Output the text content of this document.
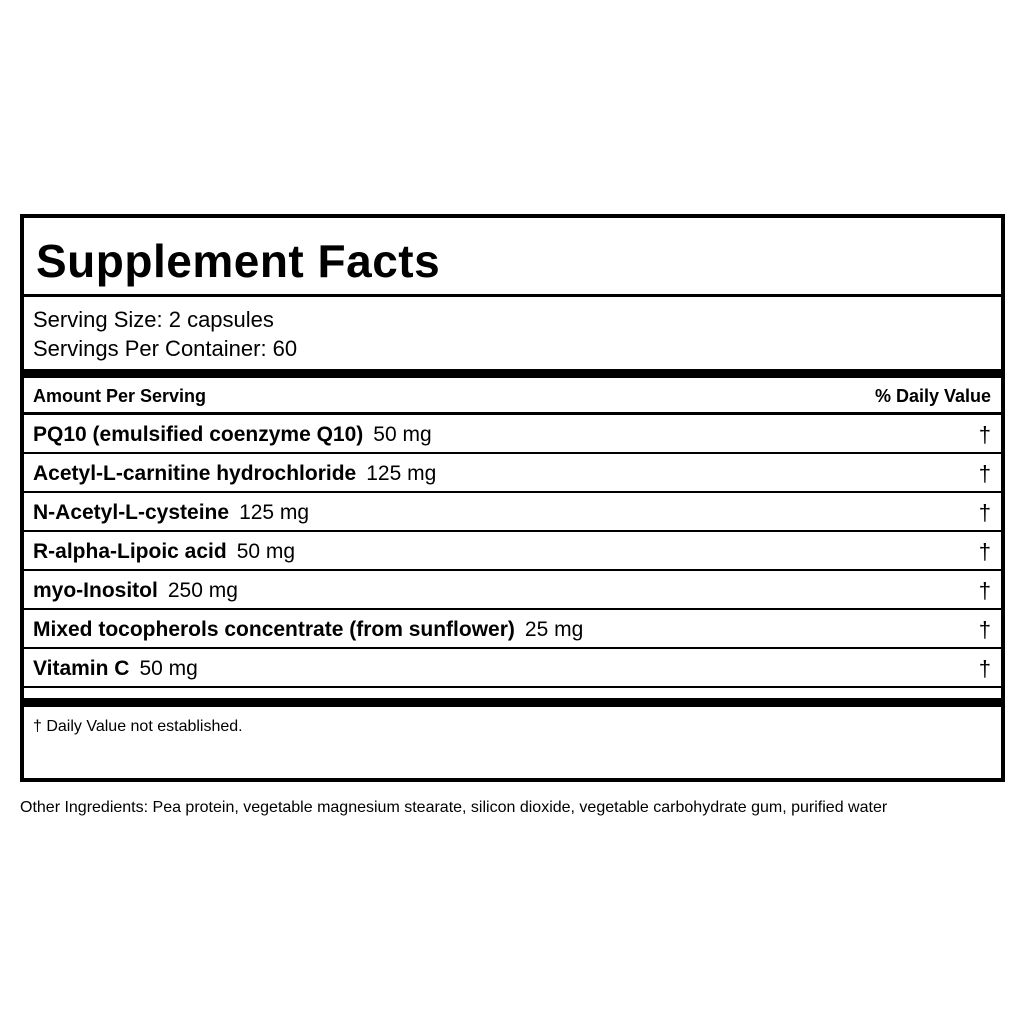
Supplement Facts
Serving Size: 2 capsules
Servings Per Container: 60
Amount Per Serving	% Daily Value
PQ10 (emulsified coenzyme Q10) 50 mg	†
Acetyl-L-carnitine hydrochloride 125 mg	†
N-Acetyl-L-cysteine 125 mg	†
R-alpha-Lipoic acid 50 mg	†
myo-Inositol 250 mg	†
Mixed tocopherols concentrate (from sunflower) 25 mg	†
Vitamin C 50 mg	†
† Daily Value not established.
Other Ingredients: Pea protein, vegetable magnesium stearate, silicon dioxide, vegetable carbohydrate gum, purified water
